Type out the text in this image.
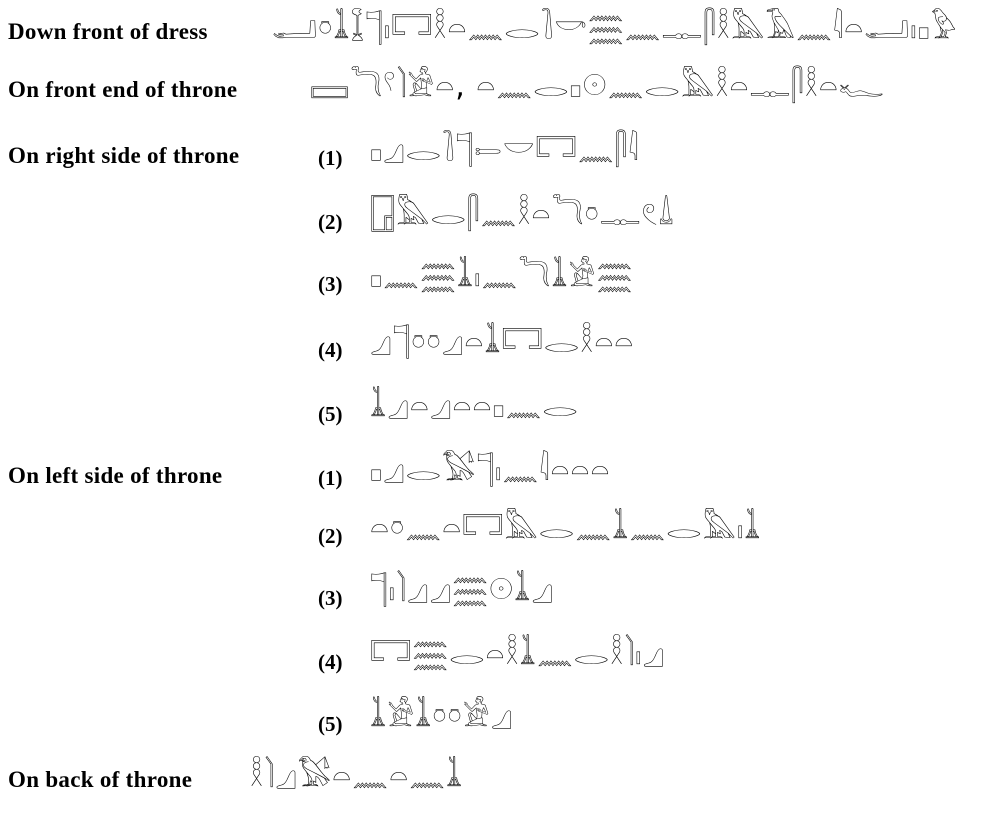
Down front of dress 𓂝𓏌𓍞𓆼𓊹𓏤𓉐𓎛𓏏𓈖𓂋𓍘𓎡𓈗𓈖𓊃𓋴𓎛𓅓𓄿𓈖𓇋𓏏𓂝𓏤𓊪𓅱
On front end of throne 𓈙𓆓𓍢𓌙𓀀𓏏, 𓏏𓈖𓂋𓊪𓇳𓈖𓂋𓅓𓎛𓏏𓊃𓋴𓎛𓏏𓆑
On right side of throne	(1) 𓊪𓈎𓂋𓍘𓊹𓍿𓎟𓉐𓈖𓋴𓇋
(2) 𓉗𓅓𓂋𓋴𓈖𓎛𓏏𓆓𓏌𓊃𓏲𓍑
(3) 𓊪𓈖𓈗𓍞𓏤𓈖𓆓𓍞𓀀𓈗
(4) 𓈎𓊹𓏌𓏌𓈎𓏏𓍞𓉐𓂋𓎛𓏏𓏏
(5) 𓍞𓈎𓏏𓈎𓏏𓏏𓊪𓈖𓂋
On left side of throne	(1) 𓊪𓈎𓂋𓅄𓊹𓏤𓈖𓇋𓏏𓏏𓏏
(2) 𓏏𓏌𓈖𓏏𓉐𓅓𓂋𓈖𓍞𓈖𓂋𓅓𓏤𓍞
(3) 𓊹𓏤𓌙𓈎𓈎𓈗𓇳𓍞𓈎
(4) 𓉐𓈗𓂋𓏏𓎛𓍞𓈖𓂋𓎛𓌙𓏤𓈎
(5) 𓍞𓀀𓍞𓏌𓏌𓀀𓈎
On back of throne 𓎛𓌙𓈎𓅄𓏏𓈖𓏏𓈖𓍞
